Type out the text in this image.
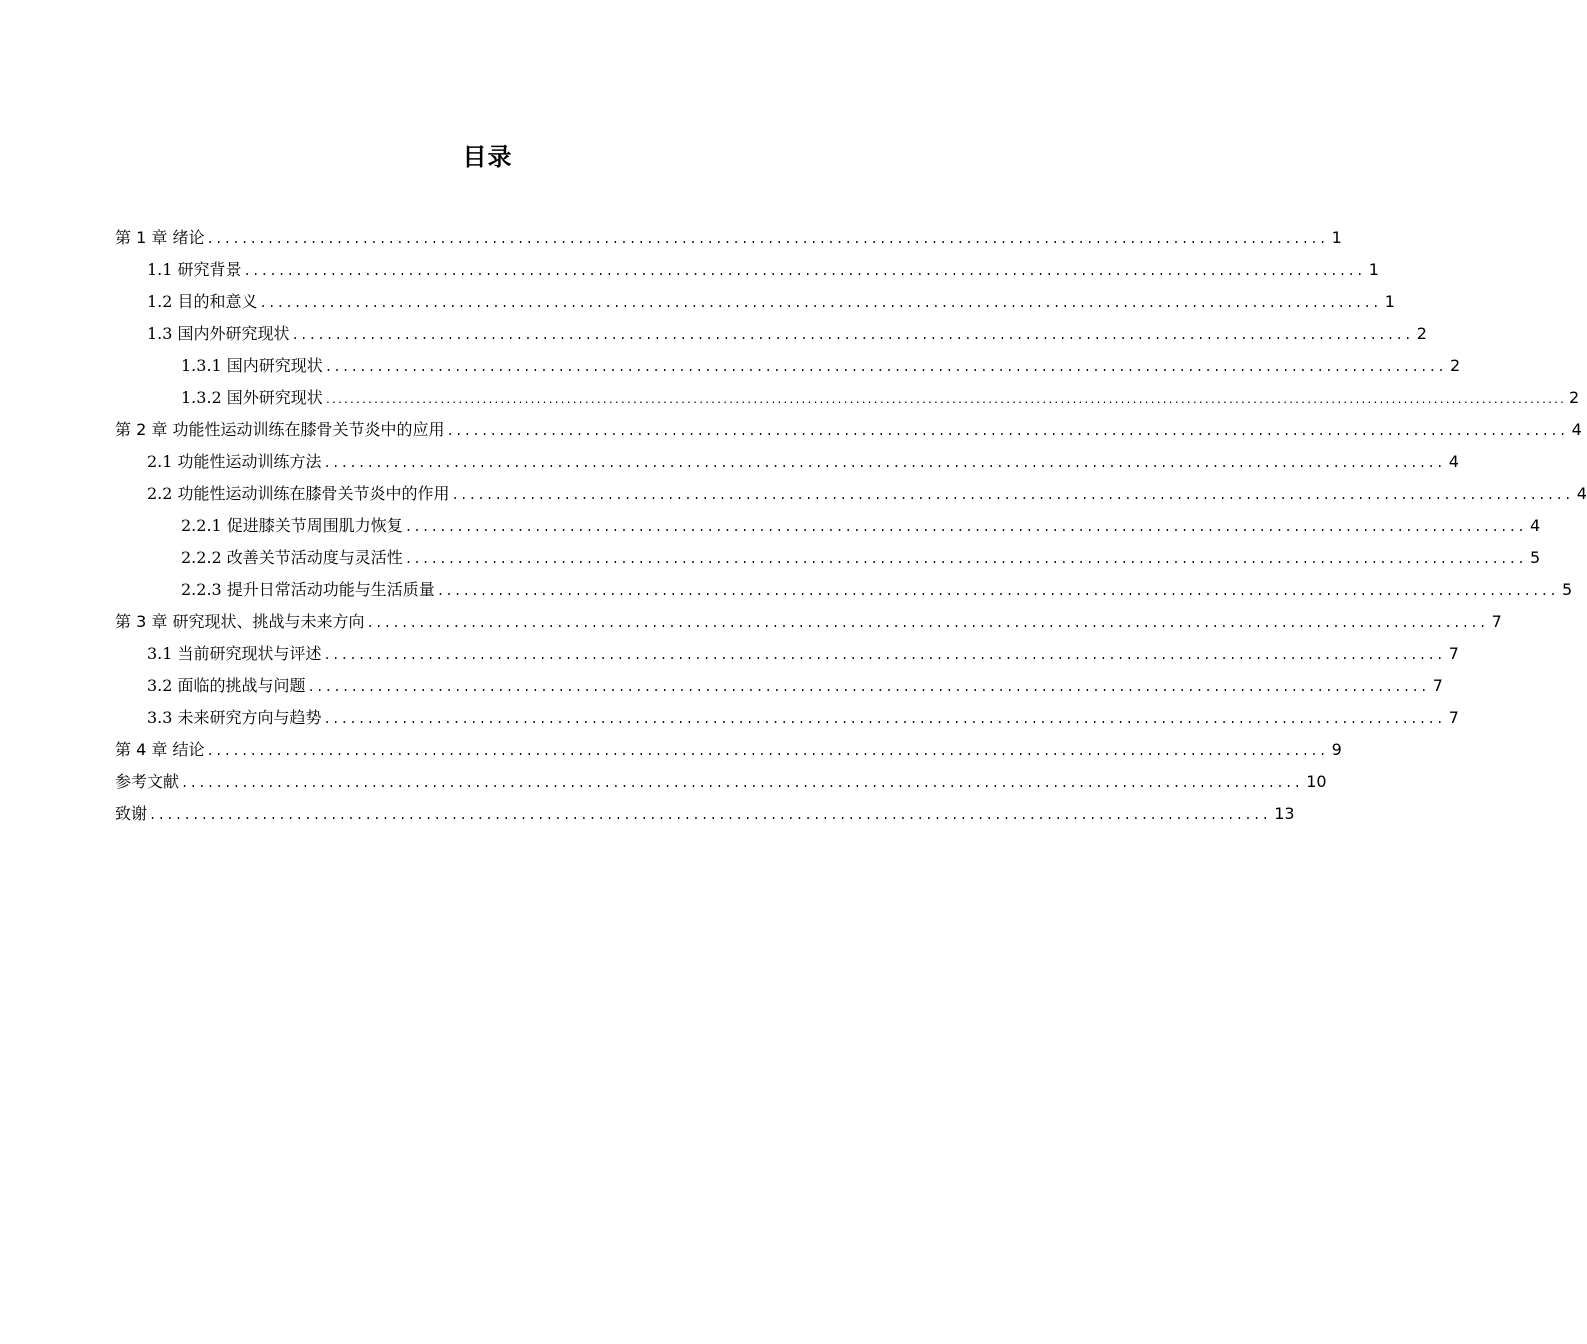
目录
第 1 章 绪论 .................................................................................................................................. 1
1.1 研究背景 .................................................................................................................................. 1
1.2 目的和意义 .................................................................................................................................. 1
1.3 国内外研究现状 .................................................................................................................................. 2
1.3.1 国内研究现状 .................................................................................................................................. 2
1.3.2 国外研究现状 .............................................................................................................................................................................................................. 2
第 2 章 功能性运动训练在膝骨关节炎中的应用 .................................................................................................................................. 4
2.1 功能性运动训练方法 .................................................................................................................................. 4
2.2 功能性运动训练在膝骨关节炎中的作用 .................................................................................................................................. 4
2.2.1 促进膝关节周围肌力恢复 .................................................................................................................................. 4
2.2.2 改善关节活动度与灵活性 .................................................................................................................................. 5
2.2.3 提升日常活动功能与生活质量 .................................................................................................................................. 5
第 3 章 研究现状、挑战与未来方向 .................................................................................................................................. 7
3.1 当前研究现状与评述 .................................................................................................................................. 7
3.2 面临的挑战与问题 .................................................................................................................................. 7
3.3 未来研究方向与趋势 .................................................................................................................................. 7
第 4 章 结论 .................................................................................................................................. 9
参考文献 .................................................................................................................................. 10
致谢 .................................................................................................................................. 13
